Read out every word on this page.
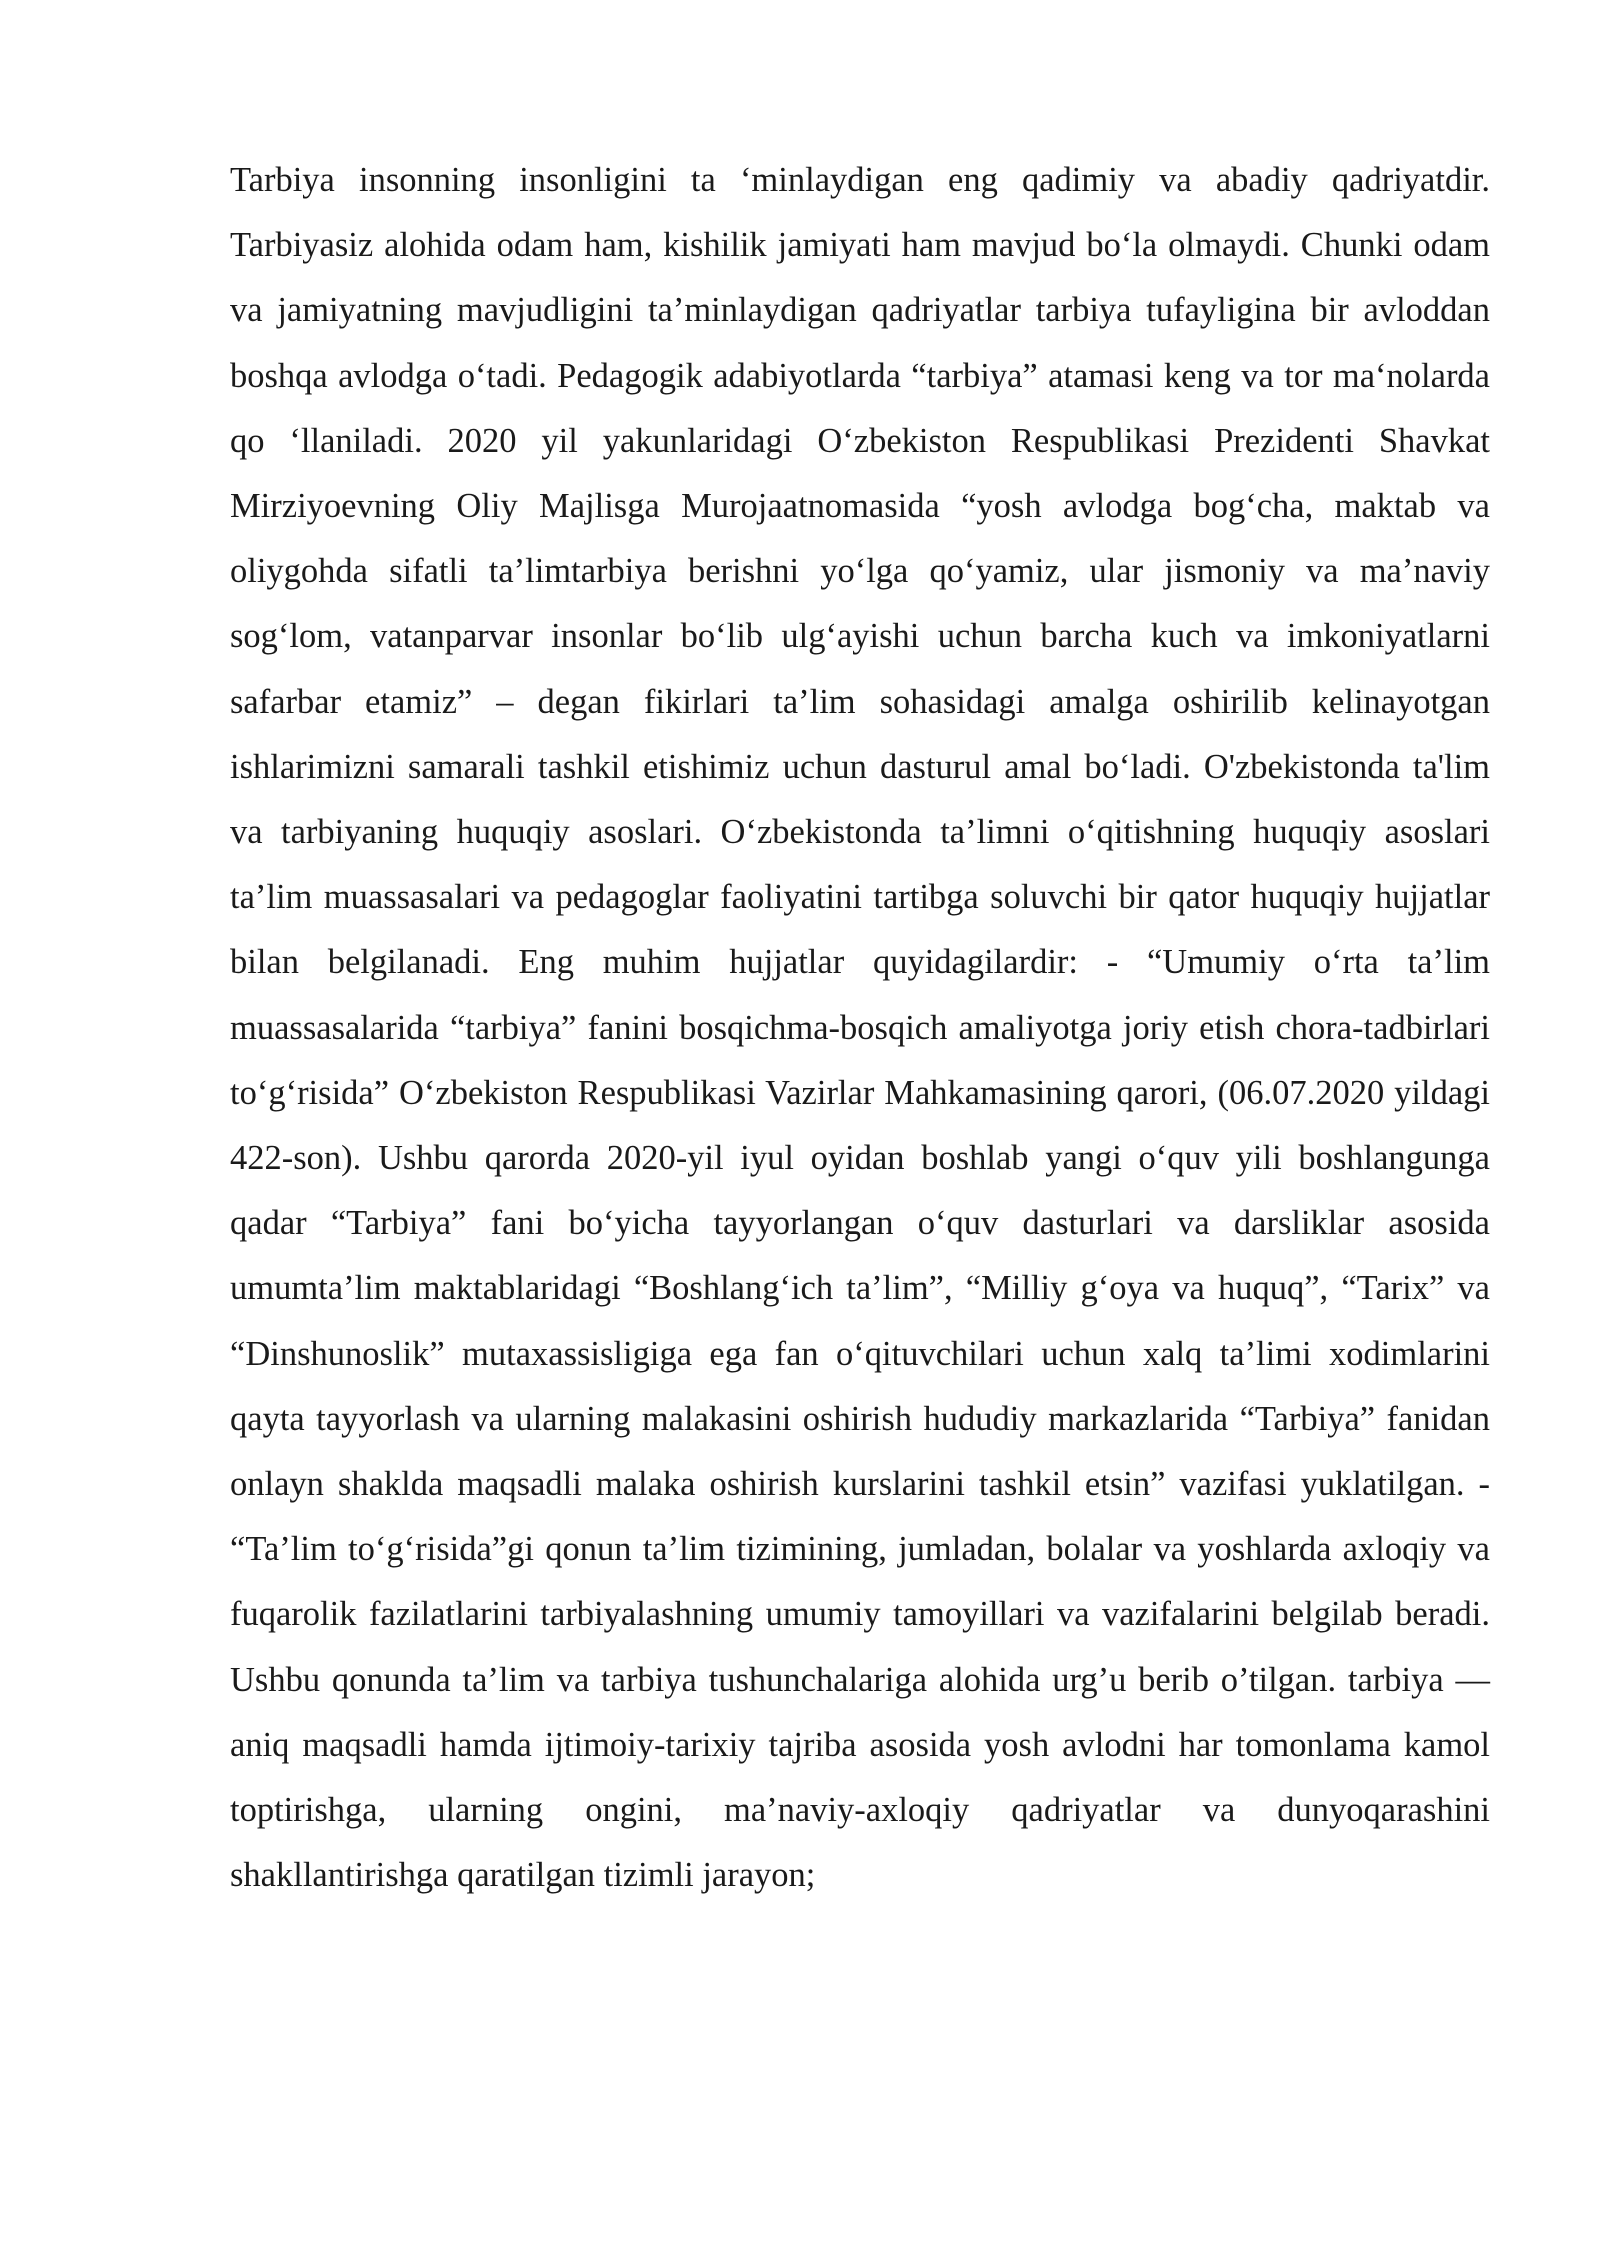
Tarbiya insonning insonligini ta ‘minlaydigan eng qadimiy va abadiy qadriyatdir. Tarbiyasiz alohida odam ham, kishilik jamiyati ham mavjud bo‘la olmaydi. Chunki odam va jamiyatning mavjudligini ta’minlaydigan qadriyatlar tarbiya tufayligina bir avloddan boshqa avlodga o‘tadi. Pedagogik adabiyotlarda “tarbiya” atamasi keng va tor ma‘nolarda qo ‘llaniladi. 2020 yil yakunlaridagi O‘zbekiston Respublikasi Prezidenti Shavkat Mirziyoevning Oliy Majlisga Murojaatnomasida “yosh avlodga bog‘cha, maktab va oliygohda sifatli ta’limtarbiya berishni yo‘lga qo‘yamiz, ular jismoniy va ma’naviy sog‘lom, vatanparvar insonlar bo‘lib ulg‘ayishi uchun barcha kuch va imkoniyatlarni safarbar etamiz” – degan fikirlari ta’lim sohasidagi amalga oshirilib kelinayotgan ishlarimizni samarali tashkil etishimiz uchun dasturul amal bo‘ladi. O'zbekistonda ta'lim va tarbiyaning huquqiy asoslari. O‘zbekistonda ta’limni o‘qitishning huquqiy asoslari ta’lim muassasalari va pedagoglar faoliyatini tartibga soluvchi bir qator huquqiy hujjatlar bilan belgilanadi. Eng muhim hujjatlar quyidagilardir: - “Umumiy o‘rta ta’lim muassasalarida “tarbiya” fanini bosqichma-bosqich amaliyotga joriy etish chora-tadbirlari to‘g‘risida” O‘zbekiston Respublikasi Vazirlar Mahkamasining qarori, (06.07.2020 yildagi 422-son). Ushbu qarorda 2020-yil iyul oyidan boshlab yangi o‘quv yili boshlangunga qadar “Tarbiya” fani bo‘yicha tayyorlangan o‘quv dasturlari va darsliklar asosida umumta’lim maktablaridagi “Boshlang‘ich ta’lim”, “Milliy g‘oya va huquq”, “Tarix” va “Dinshunoslik” mutaxassisligiga ega fan o‘qituvchilari uchun xalq ta’limi xodimlarini qayta tayyorlash va ularning malakasini oshirish hududiy markazlarida “Tarbiya” fanidan onlayn shaklda maqsadli malaka oshirish kurslarini tashkil etsin” vazifasi yuklatilgan. - “Ta’lim to‘g‘risida”gi qonun ta’lim tizimining, jumladan, bolalar va yoshlarda axloqiy va fuqarolik fazilatlarini tarbiyalashning umumiy tamoyillari va vazifalarini belgilab beradi. Ushbu qonunda ta’lim va tarbiya tushunchalariga alohida urg’u berib o’tilgan. tarbiya — aniq maqsadli hamda ijtimoiy-tarixiy tajriba asosida yosh avlodni har tomonlama kamol toptirishga, ularning ongini, ma’naviy-axloqiy qadriyatlar va dunyoqarashini shakllantirishga qaratilgan tizimli jarayon;
